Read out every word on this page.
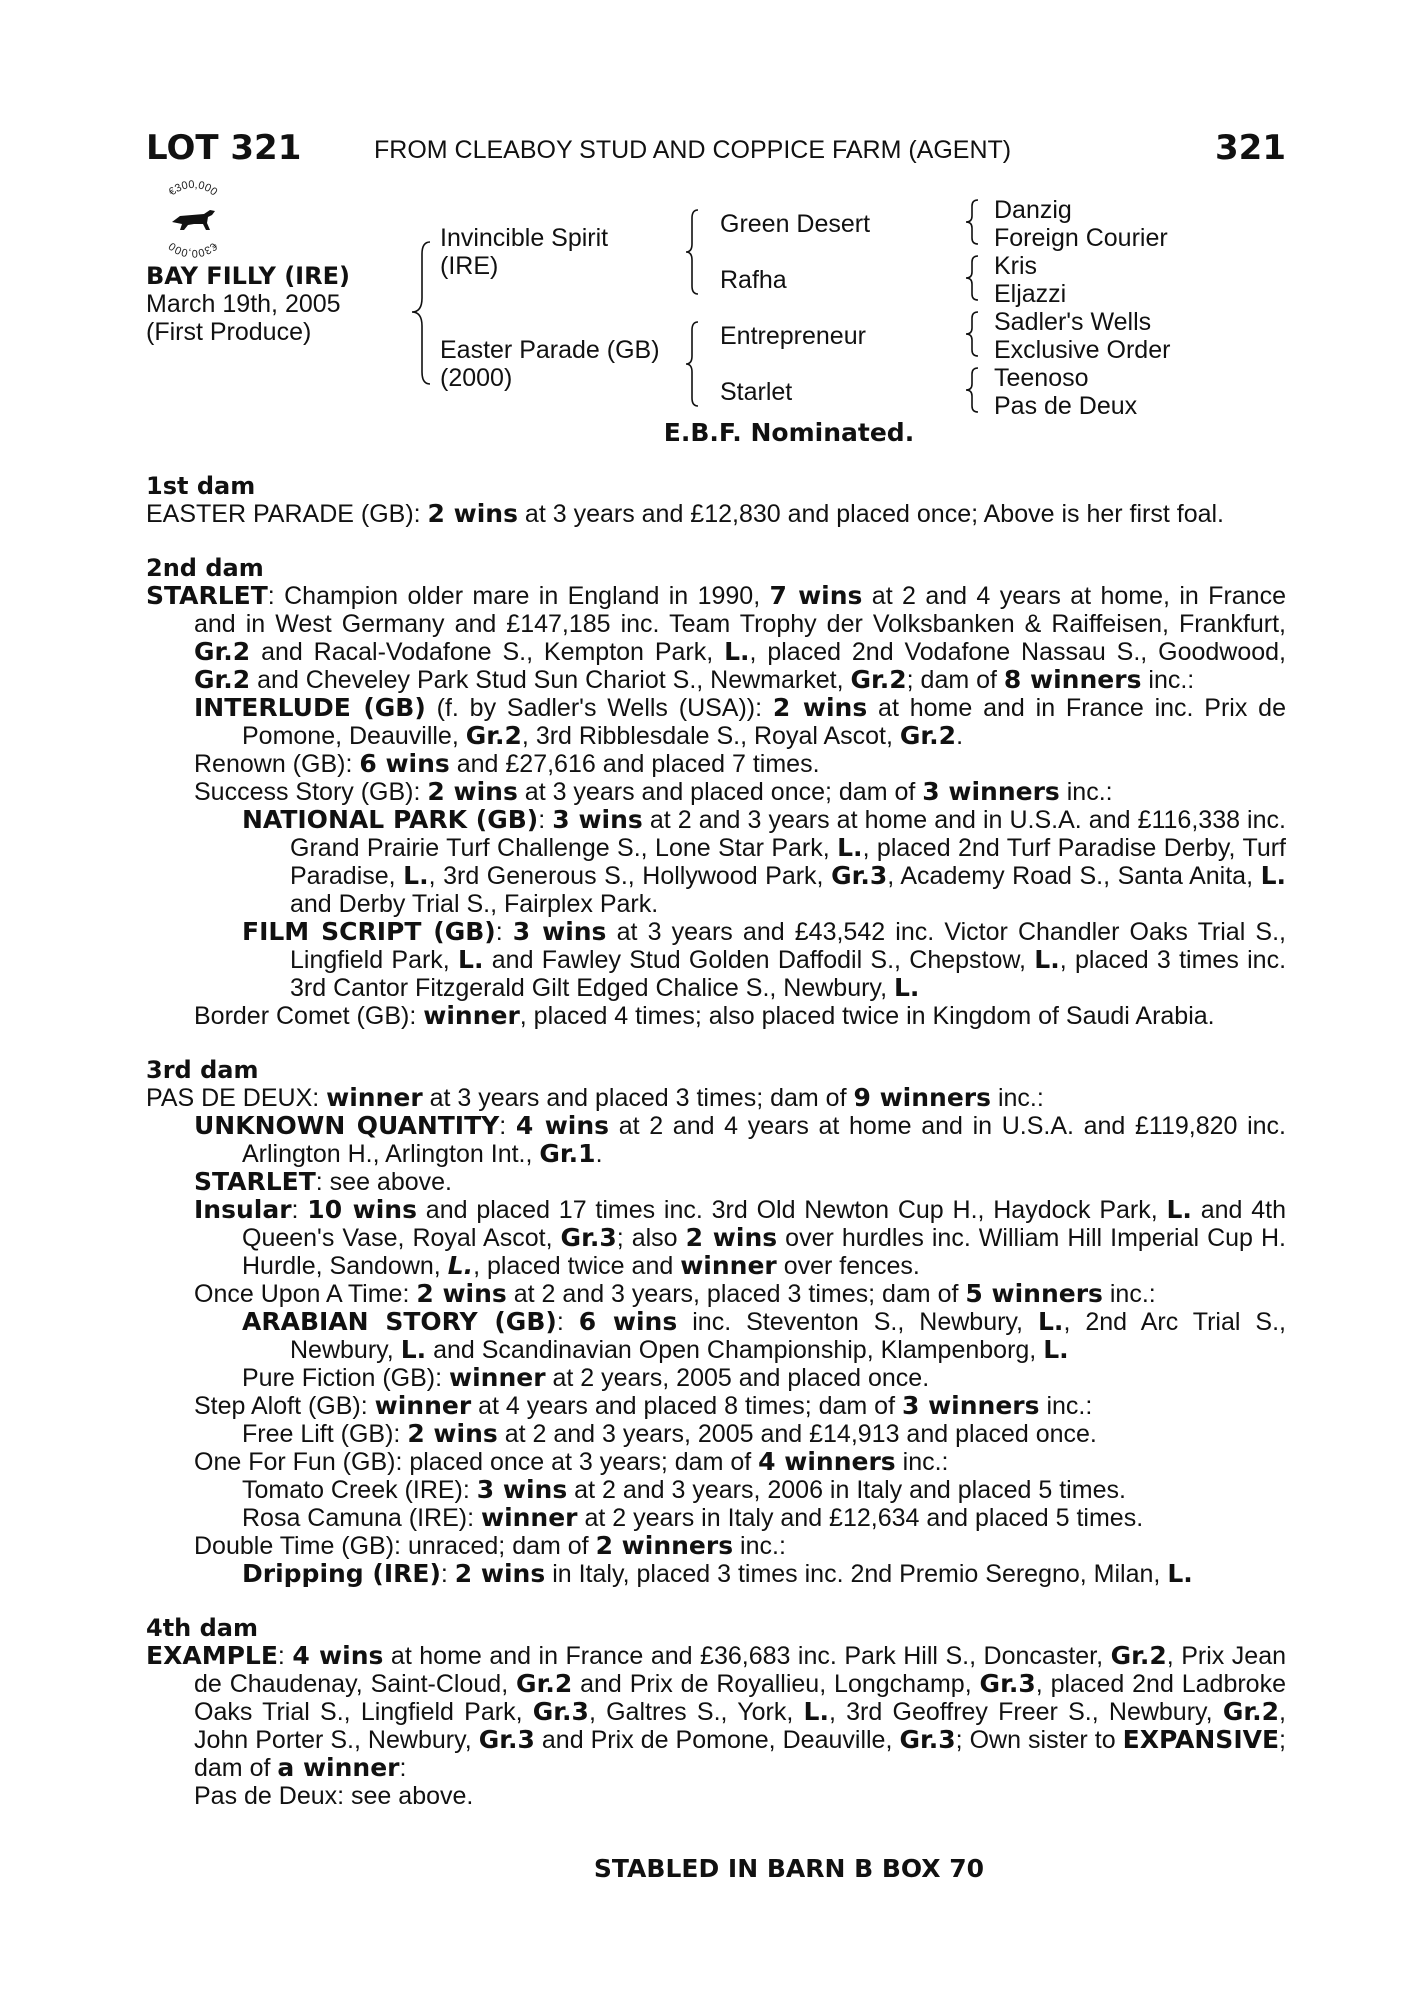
LOT 321	FROM CLEABOY STUD AND COPPICE FARM (AGENT)	321
€300,000
€300,000
BAY FILLY (IRE)
March 19th, 2005
(First Produce)
Invincible Spirit
(IRE)
Easter Parade (GB)
(2000)
Green Desert
Rafha
Entrepreneur
Starlet
Danzig
Foreign Courier
Kris
Eljazzi
Sadler's Wells
Exclusive Order
Teenoso
Pas de Deux
E.B.F. Nominated.
1st dam
EASTER PARADE (GB): 2 wins at 3 years and £12,830 and placed once; Above is her first foal.
2nd dam
STARLET: Champion older mare in England in 1990, 7 wins at 2 and 4 years at home, in France and in West Germany and £147,185 inc. Team Trophy der Volksbanken & Raiffeisen, Frankfurt, Gr.2 and Racal-Vodafone S., Kempton Park, L., placed 2nd Vodafone Nassau S., Goodwood, Gr.2 and Cheveley Park Stud Sun Chariot S., Newmarket, Gr.2; dam of 8 winners inc.:
INTERLUDE (GB) (f. by Sadler's Wells (USA)): 2 wins at home and in France inc. Prix de Pomone, Deauville, Gr.2, 3rd Ribblesdale S., Royal Ascot, Gr.2.
Renown (GB): 6 wins and £27,616 and placed 7 times.
Success Story (GB): 2 wins at 3 years and placed once; dam of 3 winners inc.:
NATIONAL PARK (GB): 3 wins at 2 and 3 years at home and in U.S.A. and £116,338 inc. Grand Prairie Turf Challenge S., Lone Star Park, L., placed 2nd Turf Paradise Derby, Turf Paradise, L., 3rd Generous S., Hollywood Park, Gr.3, Academy Road S., Santa Anita, L. and Derby Trial S., Fairplex Park.
FILM SCRIPT (GB): 3 wins at 3 years and £43,542 inc. Victor Chandler Oaks Trial S., Lingfield Park, L. and Fawley Stud Golden Daffodil S., Chepstow, L., placed 3 times inc. 3rd Cantor Fitzgerald Gilt Edged Chalice S., Newbury, L.
Border Comet (GB): winner, placed 4 times; also placed twice in Kingdom of Saudi Arabia.
3rd dam
PAS DE DEUX: winner at 3 years and placed 3 times; dam of 9 winners inc.:
UNKNOWN QUANTITY: 4 wins at 2 and 4 years at home and in U.S.A. and £119,820 inc. Arlington H., Arlington Int., Gr.1.
STARLET: see above.
Insular: 10 wins and placed 17 times inc. 3rd Old Newton Cup H., Haydock Park, L. and 4th Queen's Vase, Royal Ascot, Gr.3; also 2 wins over hurdles inc. William Hill Imperial Cup H. Hurdle, Sandown, L., placed twice and winner over fences.
Once Upon A Time: 2 wins at 2 and 3 years, placed 3 times; dam of 5 winners inc.:
ARABIAN STORY (GB): 6 wins inc. Steventon S., Newbury, L., 2nd Arc Trial S., Newbury, L. and Scandinavian Open Championship, Klampenborg, L.
Pure Fiction (GB): winner at 2 years, 2005 and placed once.
Step Aloft (GB): winner at 4 years and placed 8 times; dam of 3 winners inc.:
Free Lift (GB): 2 wins at 2 and 3 years, 2005 and £14,913 and placed once.
One For Fun (GB): placed once at 3 years; dam of 4 winners inc.:
Tomato Creek (IRE): 3 wins at 2 and 3 years, 2006 in Italy and placed 5 times.
Rosa Camuna (IRE): winner at 2 years in Italy and £12,634 and placed 5 times.
Double Time (GB): unraced; dam of 2 winners inc.:
Dripping (IRE): 2 wins in Italy, placed 3 times inc. 2nd Premio Seregno, Milan, L.
4th dam
EXAMPLE: 4 wins at home and in France and £36,683 inc. Park Hill S., Doncaster, Gr.2, Prix Jean de Chaudenay, Saint-Cloud, Gr.2 and Prix de Royallieu, Longchamp, Gr.3, placed 2nd Ladbroke Oaks Trial S., Lingfield Park, Gr.3, Galtres S., York, L., 3rd Geoffrey Freer S., Newbury, Gr.2, John Porter S., Newbury, Gr.3 and Prix de Pomone, Deauville, Gr.3; Own sister to EXPANSIVE; dam of a winner:
Pas de Deux: see above.
STABLED IN BARN B BOX 70
